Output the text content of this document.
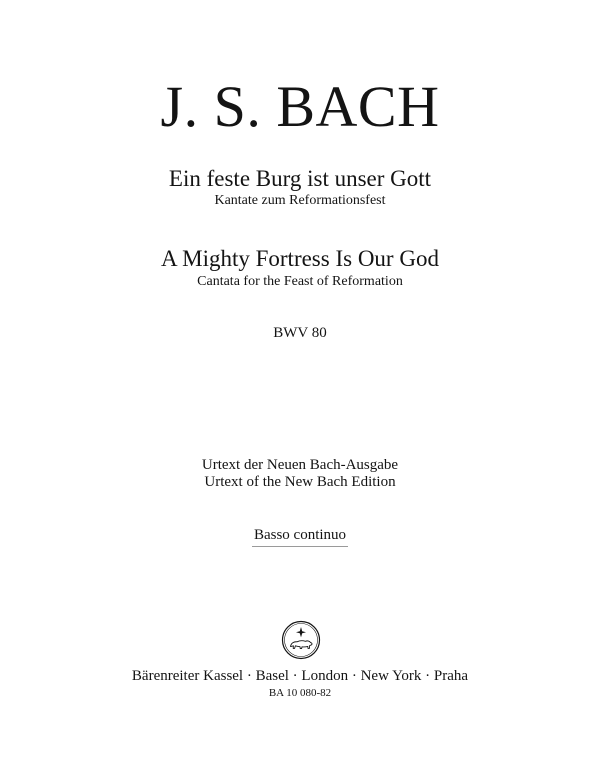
J. S. BACH
Ein feste Burg ist unser Gott
Kantate zum Reformationsfest
A Mighty Fortress Is Our God
Cantata for the Feast of Reformation
BWV 80
Urtext der Neuen Bach-Ausgabe
Urtext of the New Bach Edition
Basso continuo
Bärenreiter Kassel · Basel · London · New York · Praha
BA 10 080-82
